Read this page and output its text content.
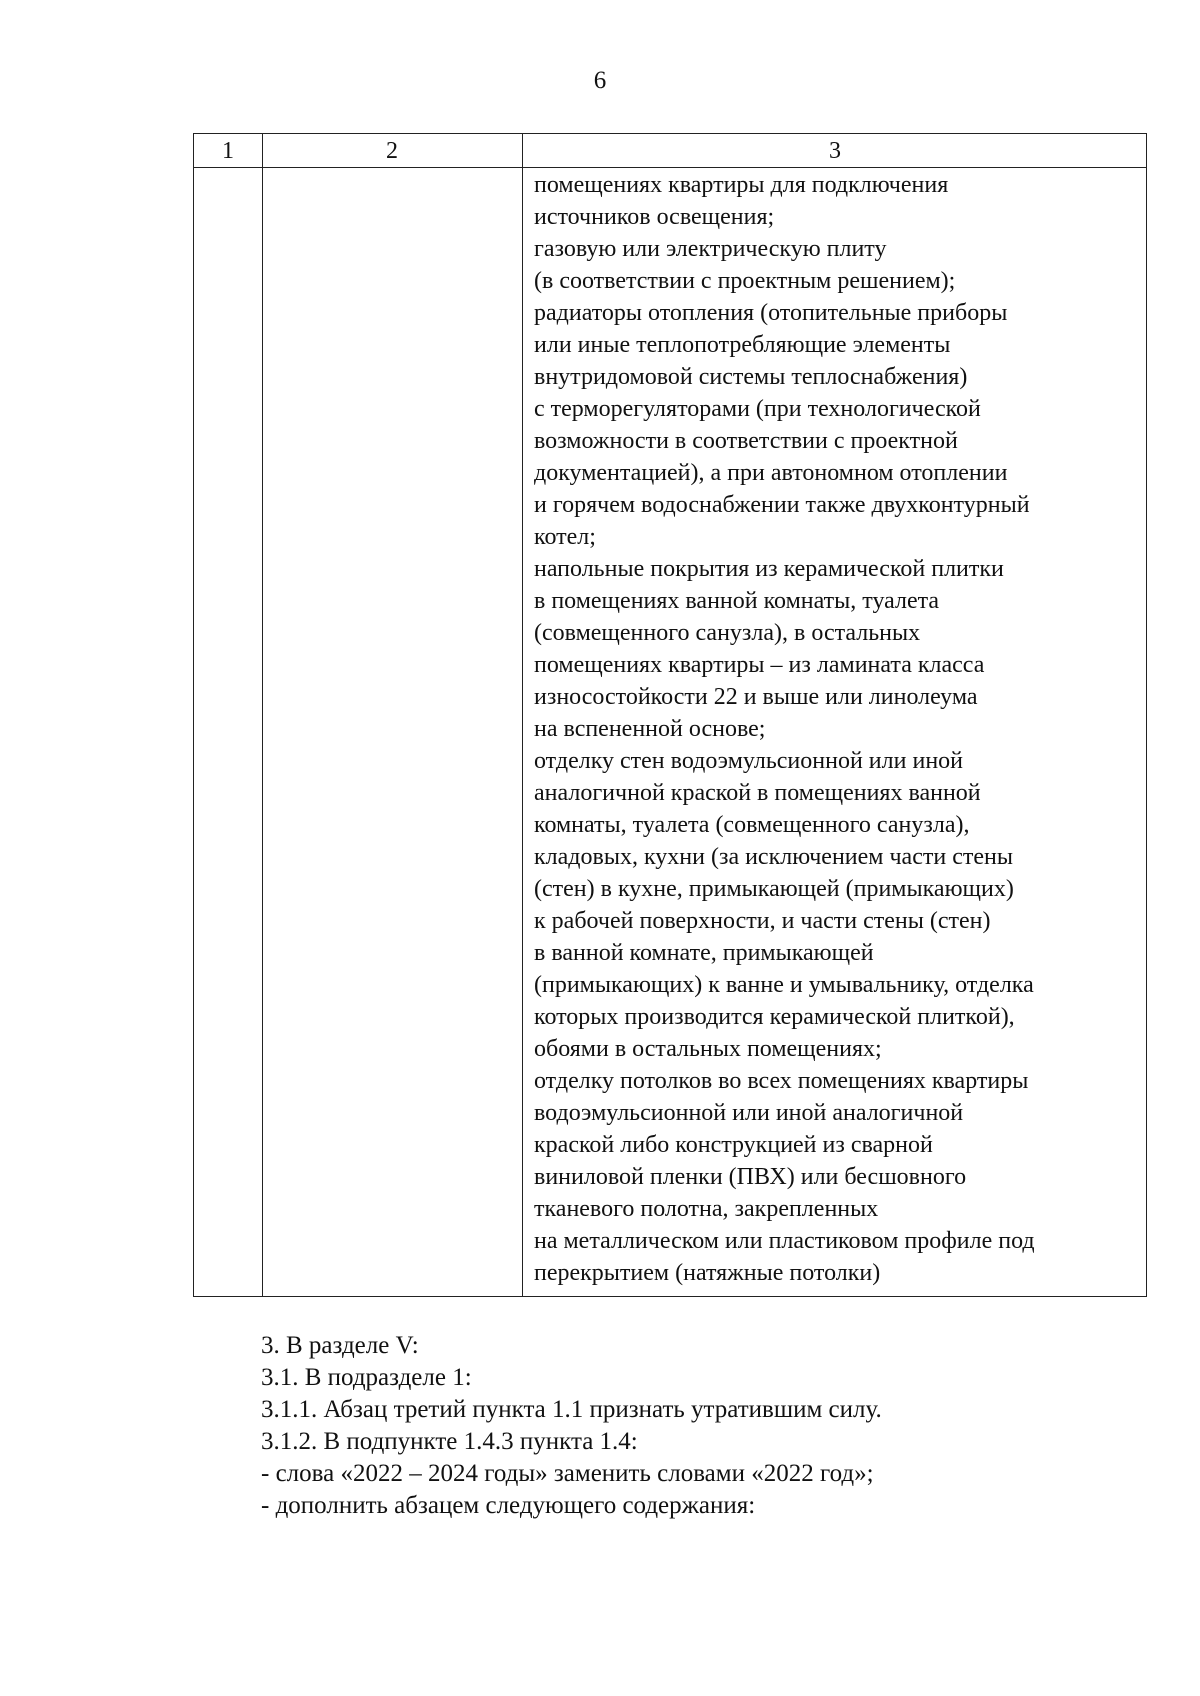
6
1	2	3
помещениях квартиры для подключения
источников освещения;
газовую или электрическую плиту
(в соответствии с проектным решением);
радиаторы отопления (отопительные приборы
или иные теплопотребляющие элементы
внутридомовой системы теплоснабжения)
с терморегуляторами (при технологической
возможности в соответствии с проектной
документацией), а при автономном отоплении
и горячем водоснабжении также двухконтурный
котел;
напольные покрытия из керамической плитки
в помещениях ванной комнаты, туалета
(совмещенного санузла), в остальных
помещениях квартиры – из ламината класса
износостойкости 22 и выше или линолеума
на вспененной основе;
отделку стен водоэмульсионной или иной
аналогичной краской в помещениях ванной
комнаты, туалета (совмещенного санузла),
кладовых, кухни (за исключением части стены
(стен) в кухне, примыкающей (примыкающих)
к рабочей поверхности, и части стены (стен)
в ванной комнате, примыкающей
(примыкающих) к ванне и умывальнику, отделка
которых производится керамической плиткой),
обоями в остальных помещениях;
отделку потолков во всех помещениях квартиры
водоэмульсионной или иной аналогичной
краской либо конструкцией из сварной
виниловой пленки (ПВХ) или бесшовного
тканевого полотна, закрепленных
на металлическом или пластиковом профиле под
перекрытием (натяжные потолки)
3. В разделе V:
3.1. В подразделе 1:
3.1.1. Абзац третий пункта 1.1 признать утратившим силу.
3.1.2. В подпункте 1.4.3 пункта 1.4:
- слова «2022 – 2024 годы» заменить словами «2022 год»;
- дополнить абзацем следующего содержания:
